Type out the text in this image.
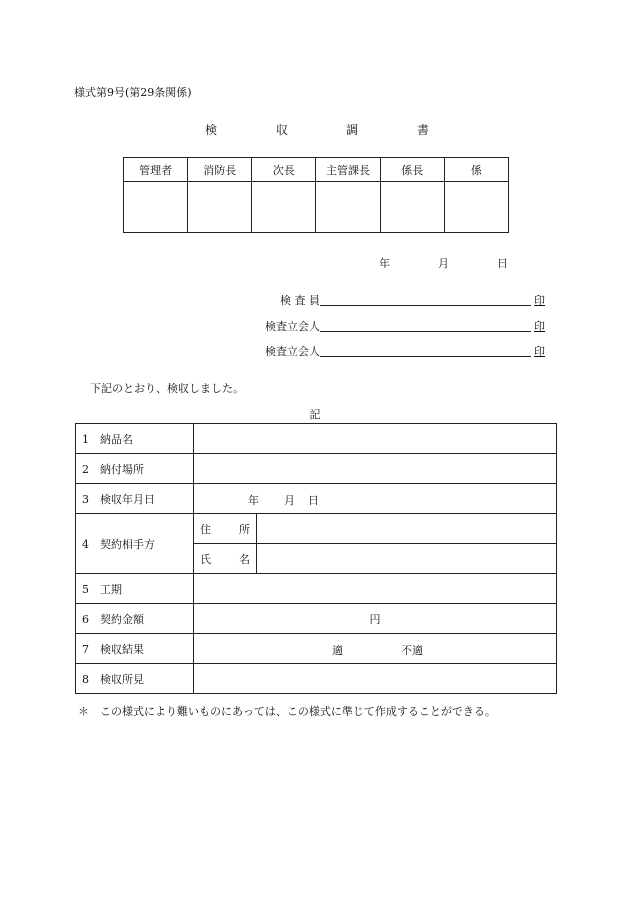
様式第9号(第29条関係)
検	収	調	書
管理者	消防長	次長	主管課長	係長	係

年	月	日
検 査 員	印
検査立会人	印
検査立会人	印
下記のとおり、検収しました。
記
1 納品名		
2 納付場所		
3 検収年月日	年 月 日	

4 契約相手方	住 所	

	氏 名	

5 工期		
6 契約金額	円	
7 検収結果	適 不適	

8 検収所見		
＊　この様式により難いものにあっては、この様式に準じて作成することができる。
